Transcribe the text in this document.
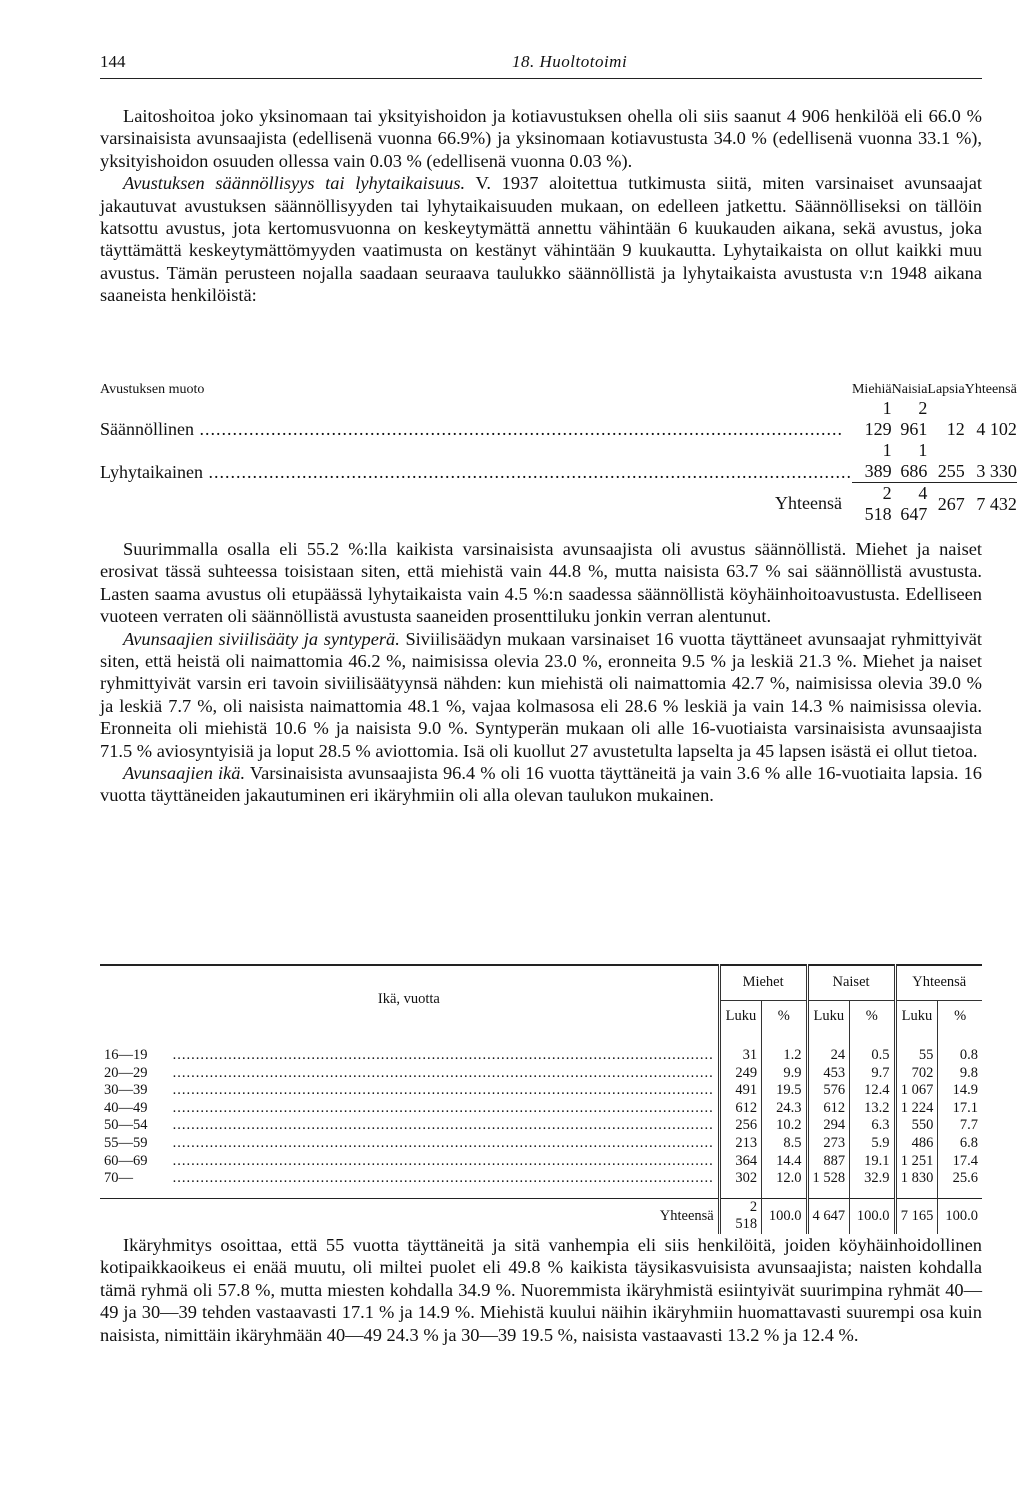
144	18. Huoltotoimi

Laitoshoitoa joko yksinomaan tai yksityishoidon ja kotiavustuksen ohella oli siis saanut 4 906 henkilöä eli 66.0 % varsinaisista avunsaajista (edellisenä vuonna 66.9%) ja yksinomaan kotiavustusta 34.0 % (edellisenä vuonna 33.1 %), yksityishoidon osuuden ollessa vain 0.03 % (edellisenä vuonna 0.03 %).

Avustuksen säännöllisyys tai lyhytaikaisuus. V. 1937 aloitettua tutkimusta siitä, miten varsinaiset avunsaajat jakautuvat avustuksen säännöllisyyden tai lyhytaikaisuuden mukaan, on edelleen jatkettu. Säännölliseksi on tällöin katsottu avustus, jota kertomusvuonna on keskeytymättä annettu vähintään 6 kuukauden aikana, sekä avustus, joka täyttämättä keskeytymättömyyden vaatimusta on kestänyt vähintään 9 kuukautta. Lyhytaikaista on ollut kaikki muu avustus. Tämän perusteen nojalla saadaan seuraava taulukko säännöllistä ja lyhytaikaista avustusta v:n 1948 aikana saaneista henkilöistä:

Avustuksen muoto	Miehiä	Naisia	Lapsia	Yhteensä
Säännöllinen .....	1 129	2 961	12	4 102
Lyhytaikainen .....	1 389	1 686	255	3 330
Yhteensä	2 518	4 647	267	7 432

Suurimmalla osalla eli 55.2 %:lla kaikista varsinaisista avunsaajista oli avustus säännöllistä. Miehet ja naiset erosivat tässä suhteessa toisistaan siten, että miehistä vain 44.8 %, mutta naisista 63.7 % sai säännöllistä avustusta. Lasten saama avustus oli etupäässä lyhytaikaista vain 4.5 %:n saadessa säännöllistä köyhäinhoitoavustusta. Edelliseen vuoteen verraten oli säännöllistä avustusta saaneiden prosenttiluku jonkin verran alentunut.

Avunsaajien siviilisääty ja syntyperä. Siviilisäädyn mukaan varsinaiset 16 vuotta täyttäneet avunsaajat ryhmittyivät siten, että heistä oli naimattomia 46.2 %, naimisissa olevia 23.0 %, eronneita 9.5 % ja leskiä 21.3 %. Miehet ja naiset ryhmittyivät varsin eri tavoin siviilisäätyynsä nähden: kun miehistä oli naimattomia 42.7 %, naimisissa olevia 39.0 % ja leskiä 7.7 %, oli naisista naimattomia 48.1 %, vajaa kolmasosa eli 28.6 % leskiä ja vain 14.3 % naimisissa olevia. Eronneita oli miehistä 10.6 % ja naisista 9.0 %. Syntyperän mukaan oli alle 16-vuotiaista varsinaisista avunsaajista 71.5 % aviosyntyisiä ja loput 28.5 % aviottomia. Isä oli kuollut 27 avustetulta lapselta ja 45 lapsen isästä ei ollut tietoa.

Avunsaajien ikä. Varsinaisista avunsaajista 96.4 % oli 16 vuotta täyttäneitä ja vain 3.6 % alle 16-vuotiaita lapsia. 16 vuotta täyttäneiden jakautuminen eri ikäryhmiin oli alla olevan taulukon mukainen.

Ikä, vuotta	Miehet		Naiset		Yhteensä	
	Luku	%	Luku	%	Luku	%
16—19 .....	31	1.2	24	0.5	55	0.8
20—29 .....	249	9.9	453	9.7	702	9.8
30—39 .....	491	19.5	576	12.4	1 067	14.9
40—49 .....	612	24.3	612	13.2	1 224	17.1
50—54 .....	256	10.2	294	6.3	550	7.7
55—59 .....	213	8.5	273	5.9	486	6.8
60—69 .....	364	14.4	887	19.1	1 251	17.4
70— .....	302	12.0	1 528	32.9	1 830	25.6
Yhteensä	2 518	100.0	4 647	100.0	7 165	100.0

Ikäryhmitys osoittaa, että 55 vuotta täyttäneitä ja sitä vanhempia eli siis henkilöitä, joiden köyhäinhoidollinen kotipaikkaoikeus ei enää muutu, oli miltei puolet eli 49.8 % kaikista täysikasvuisista avunsaajista; naisten kohdalla tämä ryhmä oli 57.8 %, mutta miesten kohdalla 34.9 %. Nuoremmista ikäryhmistä esiintyivät suurimpina ryhmät 40—49 ja 30—39 tehden vastaavasti 17.1 % ja 14.9 %. Miehistä kuului näihin ikäryhmiin huomattavasti suurempi osa kuin naisista, nimittäin ikäryhmään 40—49 24.3 % ja 30—39 19.5 %, naisista vastaavasti 13.2 % ja 12.4 %.
